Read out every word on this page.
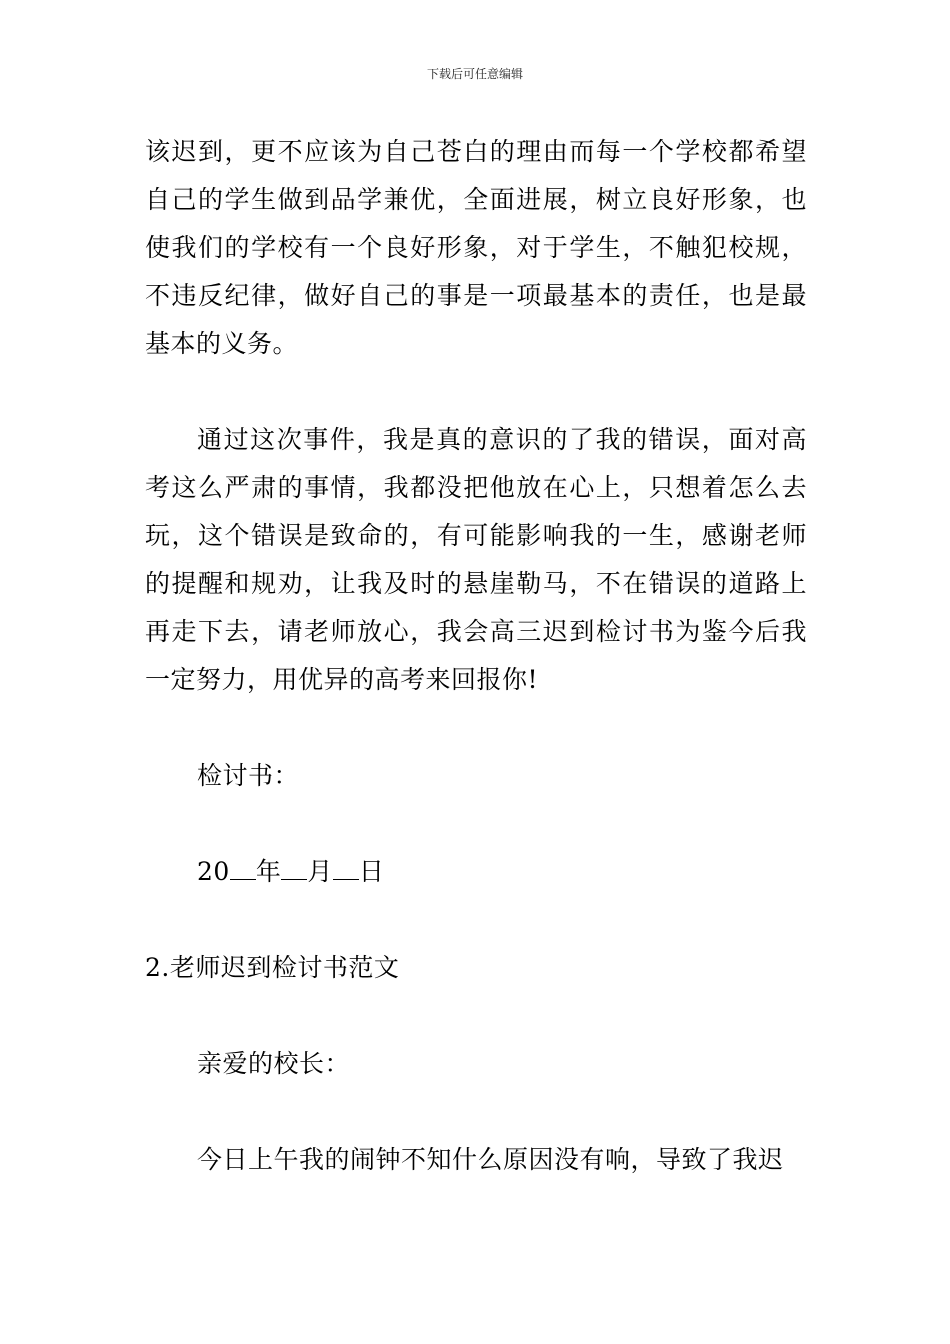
下载后可任意编辑

该迟到，更不应该为自己苍白的理由而每一个学校都希望自己的学生做到品学兼优，全面进展，树立良好形象，也使我们的学校有一个良好形象，对于学生，不触犯校规，不违反纪律，做好自己的事是一项最基本的责任，也是最基本的义务。

通过这次事件，我是真的意识的了我的错误，面对高考这么严肃的事情，我都没把他放在心上，只想着怎么去玩，这个错误是致命的，有可能影响我的一生，感谢老师的提醒和规劝，让我及时的悬崖勒马，不在错误的道路上再走下去，请老师放心，我会高三迟到检讨书为鉴今后我一定努力，用优异的高考来回报你!

检讨书：

20 年 月 日

2.老师迟到检讨书范文

亲爱的校长：

今日上午我的闹钟不知什么原因没有响，导致了我迟
